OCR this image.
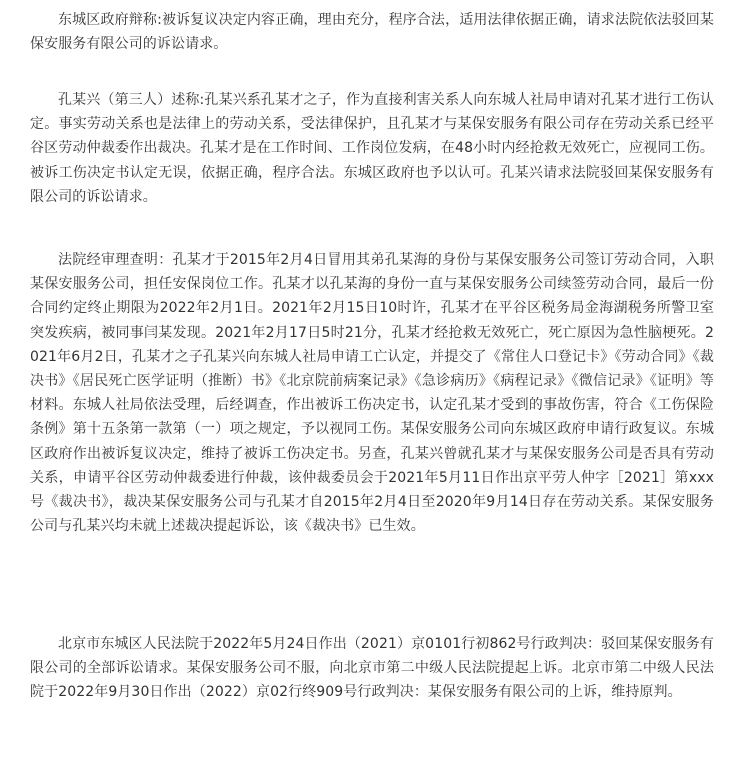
东城区政府辩称:被诉复议决定内容正确，理由充分，程序合法，适用法律依据正确，请求法院依法驳回某保安服务有限公司的诉讼请求。

孔某兴（第三人）述称:孔某兴系孔某才之子，作为直接利害关系人向东城人社局申请对孔某才进行工伤认定。事实劳动关系也是法律上的劳动关系，受法律保护，且孔某才与某保安服务有限公司存在劳动关系已经平谷区劳动仲裁委作出裁决。孔某才是在工作时间、工作岗位发病，在48小时内经抢救无效死亡，应视同工伤。被诉工伤决定书认定无误，依据正确，程序合法。东城区政府也予以认可。孔某兴请求法院驳回某保安服务有限公司的诉讼请求。

法院经审理查明：孔某才于2015年2月4日冒用其弟孔某海的身份与某保安服务公司签订劳动合同，入职某保安服务公司，担任安保岗位工作。孔某才以孔某海的身份一直与某保安服务公司续签劳动合同，最后一份合同约定终止期限为2022年2月1日。2021年2月15日10时许，孔某才在平谷区税务局金海湖税务所警卫室突发疾病，被同事闫某发现。2021年2月17日5时21分，孔某才经抢救无效死亡，死亡原因为急性脑梗死。2021年6月2日，孔某才之子孔某兴向东城人社局申请工亡认定，并提交了《常住人口登记卡》《劳动合同》《裁决书》《居民死亡医学证明（推断）书》《北京院前病案记录》《急诊病历》《病程记录》《微信记录》《证明》等材料。东城人社局依法受理，后经调查，作出被诉工伤决定书，认定孔某才受到的事故伤害，符合《工伤保险条例》第十五条第一款第（一）项之规定，予以视同工伤。某保安服务公司向东城区政府申请行政复议。东城区政府作出被诉复议决定，维持了被诉工伤决定书。另查，孔某兴曾就孔某才与某保安服务公司是否具有劳动关系，申请平谷区劳动仲裁委进行仲裁，该仲裁委员会于2021年5月11日作出京平劳人仲字［2021］第xxx号《裁决书》，裁决某保安服务公司与孔某才自2015年2月4日至2020年9月14日存在劳动关系。某保安服务公司与孔某兴均未就上述裁决提起诉讼，该《裁决书》已生效。

北京市东城区人民法院于2022年5月24日作出（2021）京0101行初862号行政判决：驳回某保安服务有限公司的全部诉讼请求。某保安服务公司不服，向北京市第二中级人民法院提起上诉。北京市第二中级人民法院于2022年9月30日作出（2022）京02行终909号行政判决：某保安服务有限公司的上诉，维持原判。
